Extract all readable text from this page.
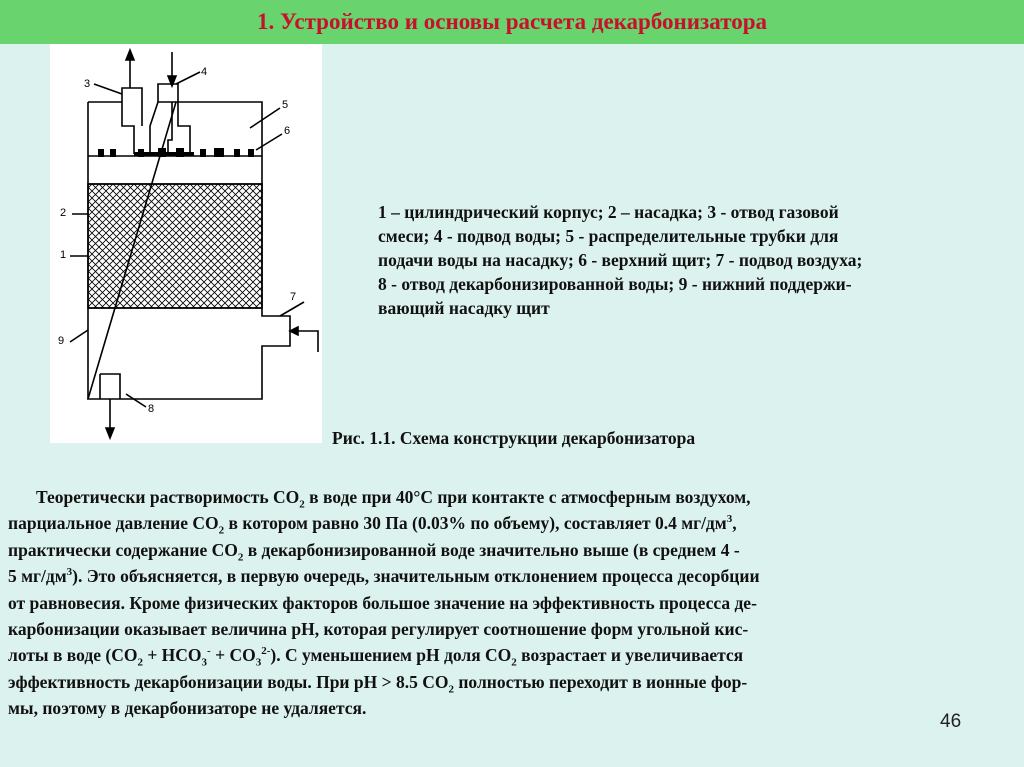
1. Устройство и основы расчета декарбонизатора
3
4
5
6
2
1
7
9
8
1 – цилиндрический корпус; 2 – насадка; 3 - отвод газовой
смеси; 4 - подвод воды; 5 - распределительные трубки для
подачи воды на насадку; 6 - верхний щит; 7 - подвод воздуха;
8 - отвод декарбонизированной воды; 9 - нижний поддержи-
вающий насадку щит
Рис. 1.1. Схема конструкции декарбонизатора
Теоретически растворимость $СО_2$ в воде при 40°С при контакте с атмосферным воздухом,
парциальное давление $СО_2$ в котором равно 30 Па (0.03% по объему), составляет 0.4 $мг/дм^3$,
практически содержание $СО_2$ в декарбонизированной воде значительно выше (в среднем 4 -
5 $мг/дм^3$). Это объясняется, в первую очередь, значительным отклонением процесса десорбции
от равновесия. Кроме физических факторов большое значение на эффективность процесса де-
карбонизации оказывает величина рН, которая регулирует соотношение форм угольной кис-
лоты в воде $(СО_2 + НСО_3^- + СО_3^{2-})$. С уменьшением рН доля $СО_2$ возрастает и увеличивается
эффективность декарбонизации воды. При рН > 8.5 $СО_2$ полностью переходит в ионные фор-
мы, поэтому в декарбонизаторе не удаляется.
46
